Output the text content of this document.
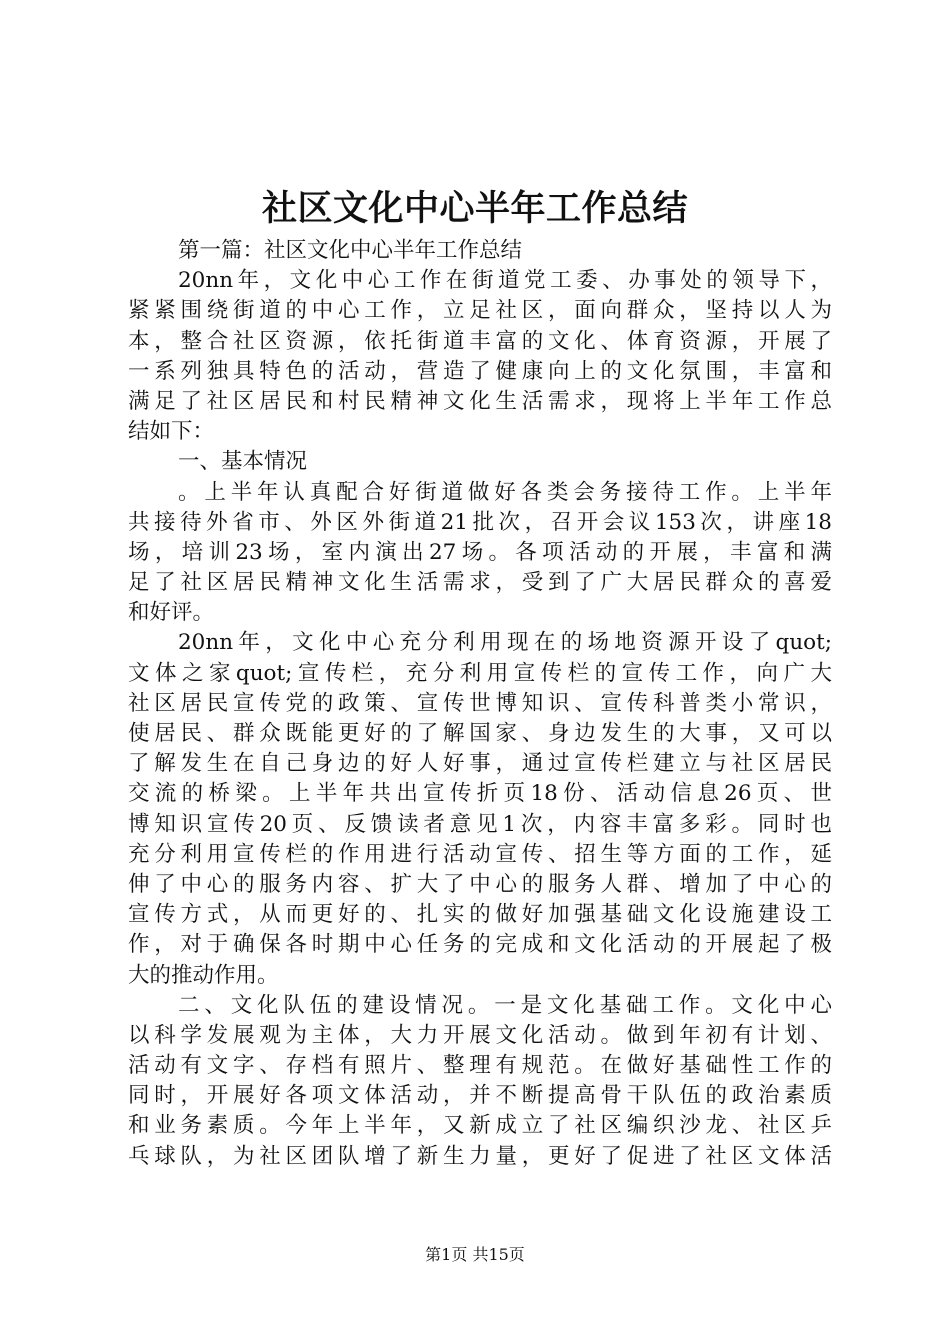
社区文化中心半年工作总结
第一篇：社区文化中心半年工作总结
20nn年，文化中心工作在街道党工委、办事处的领导下，
紧紧围绕街道的中心工作，立足社区，面向群众，坚持以人为
本，整合社区资源，依托街道丰富的文化、体育资源，开展了
一系列独具特色的活动，营造了健康向上的文化氛围，丰富和
满足了社区居民和村民精神文化生活需求，现将上半年工作总
结如下：
一、基本情况
。上半年认真配合好街道做好各类会务接待工作。上半年
共接待外省市、外区外街道21批次，召开会议153次，讲座18
场，培训23场，室内演出27场。各项活动的开展，丰富和满
足了社区居民精神文化生活需求，受到了广大居民群众的喜爱
和好评。
20nn年，文化中心充分利用现在的场地资源开设了quot;
文体之家quot;宣传栏，充分利用宣传栏的宣传工作，向广大
社区居民宣传党的政策、宣传世博知识、宣传科普类小常识，
使居民、群众既能更好的了解国家、身边发生的大事，又可以
了解发生在自己身边的好人好事，通过宣传栏建立与社区居民
交流的桥梁。上半年共出宣传折页18份、活动信息26页、世
博知识宣传20页、反馈读者意见1次，内容丰富多彩。同时也
充分利用宣传栏的作用进行活动宣传、招生等方面的工作，延
伸了中心的服务内容、扩大了中心的服务人群、增加了中心的
宣传方式，从而更好的、扎实的做好加强基础文化设施建设工
作，对于确保各时期中心任务的完成和文化活动的开展起了极
大的推动作用。
二、文化队伍的建设情况。一是文化基础工作。文化中心
以科学发展观为主体，大力开展文化活动。做到年初有计划、
活动有文字、存档有照片、整理有规范。在做好基础性工作的
同时，开展好各项文体活动，并不断提高骨干队伍的政治素质
和业务素质。今年上半年，又新成立了社区编织沙龙、社区乒
乓球队，为社区团队增了新生力量，更好了促进了社区文体活
第1页 共15页
